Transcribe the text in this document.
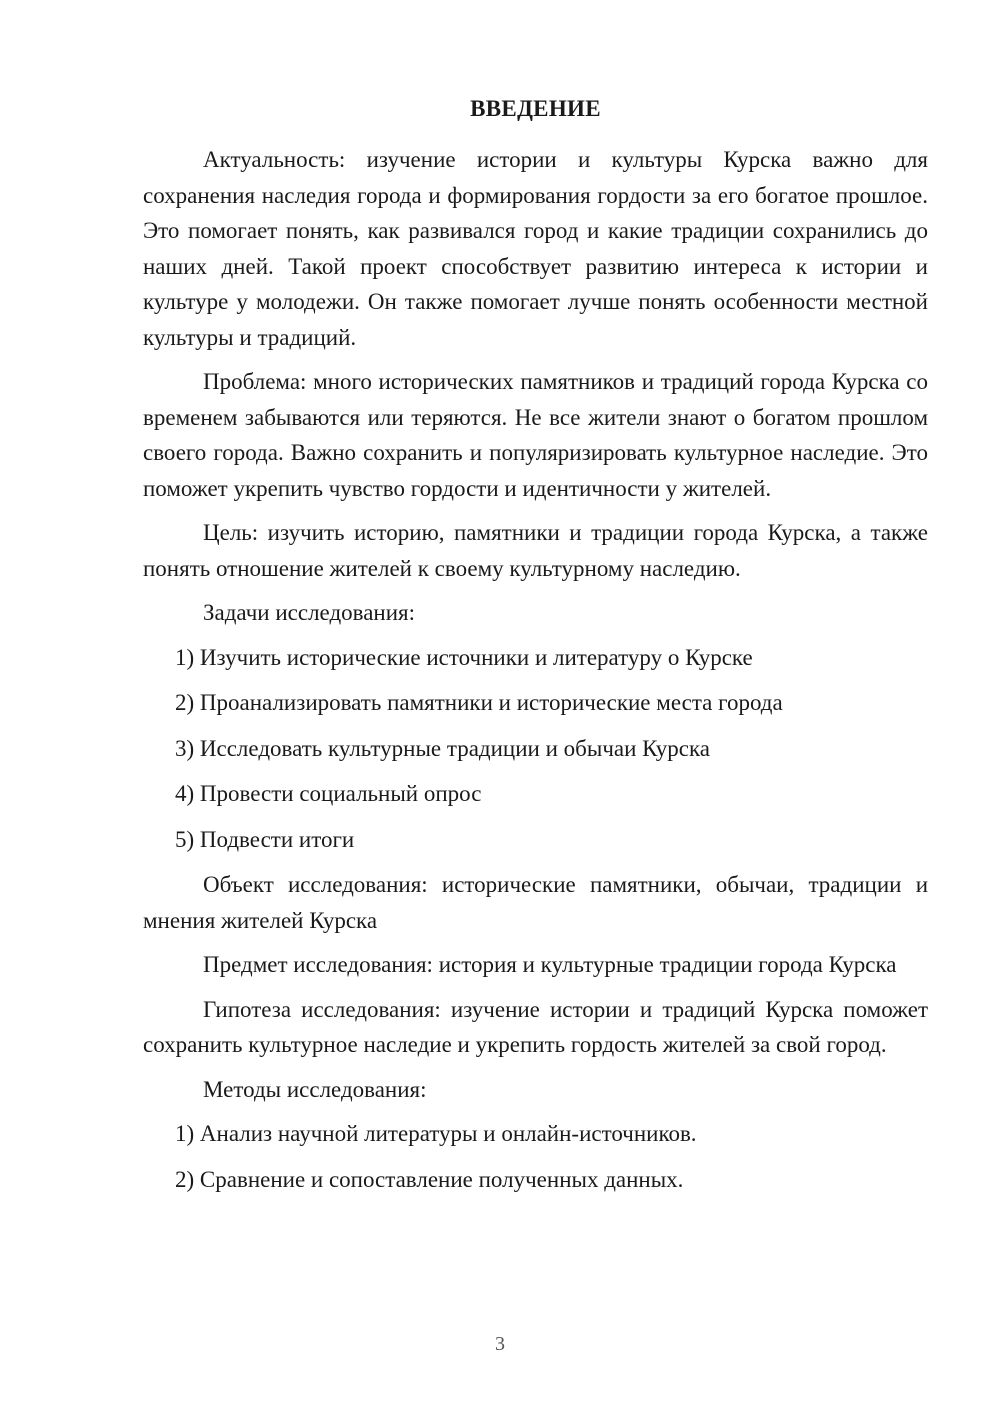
ВВЕДЕНИЕ

Актуальность: изучение истории и культуры Курска важно для сохранения наследия города и формирования гордости за его богатое прошлое. Это помогает понять, как развивался город и какие традиции сохранились до наших дней. Такой проект способствует развитию интереса к истории и культуре у молодежи. Он также помогает лучше понять особенности местной культуры и традиций.

Проблема: много исторических памятников и традиций города Курска со временем забываются или теряются. Не все жители знают о богатом прошлом своего города. Важно сохранить и популяризировать культурное наследие. Это поможет укрепить чувство гордости и идентичности у жителей.

Цель: изучить историю, памятники и традиции города Курска, а также понять отношение жителей к своему культурному наследию.

Задачи исследования:

1) Изучить исторические источники и литературу о Курске

2) Проанализировать памятники и исторические места города

3) Исследовать культурные традиции и обычаи Курска

4) Провести социальный опрос

5) Подвести итоги

Объект исследования: исторические памятники, обычаи, традиции и мнения жителей Курска

Предмет исследования: история и культурные традиции города Курска

Гипотеза исследования: изучение истории и традиций Курска поможет сохранить культурное наследие и укрепить гордость жителей за свой город.

Методы исследования:

1) Анализ научной литературы и онлайн-источников.

2) Сравнение и сопоставление полученных данных.

3
